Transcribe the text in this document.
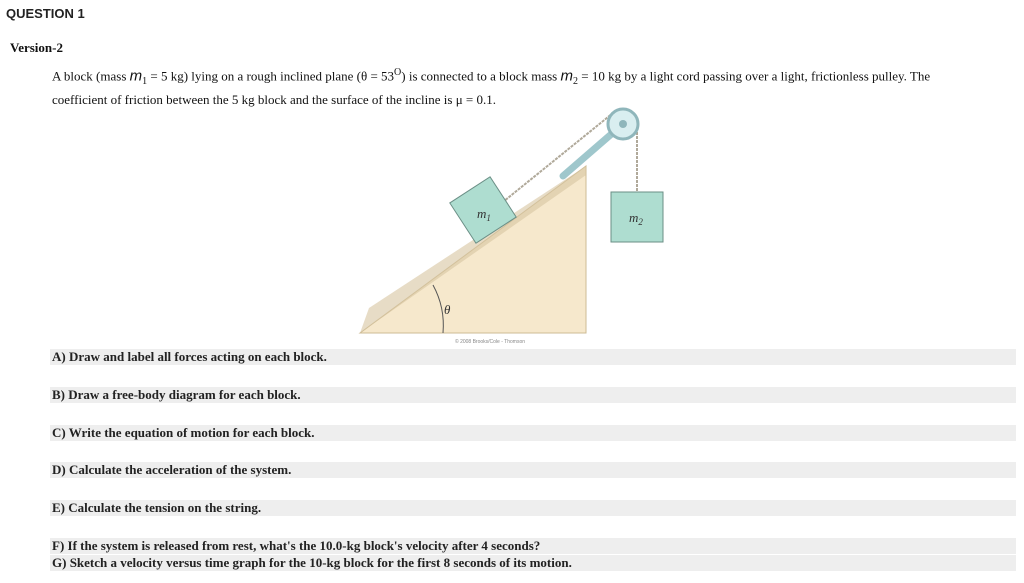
QUESTION 1
Version-2
A block (mass $m_1 = 5$ kg) lying on a rough inclined plane $(\theta = 53^O)$ is connected to a block mass $m_2 = 10$ kg by a light cord passing over a light, frictionless pulley. The
coefficient of friction between the 5 kg block and the surface of the incline is μ = 0.1.
$m_1$	$m_2$
θ
© 2008 Brooks/Cole - Thomson
A) Draw and label all forces acting on each block.
B) Draw a free-body diagram for each block.
C) Write the equation of motion for each block.
D) Calculate the acceleration of the system.
E) Calculate the tension on the string.
F) If the system is released from rest, what's the 10.0-kg block's velocity after 4 seconds?
G) Sketch a velocity versus time graph for the 10-kg block for the first 8 seconds of its motion.
